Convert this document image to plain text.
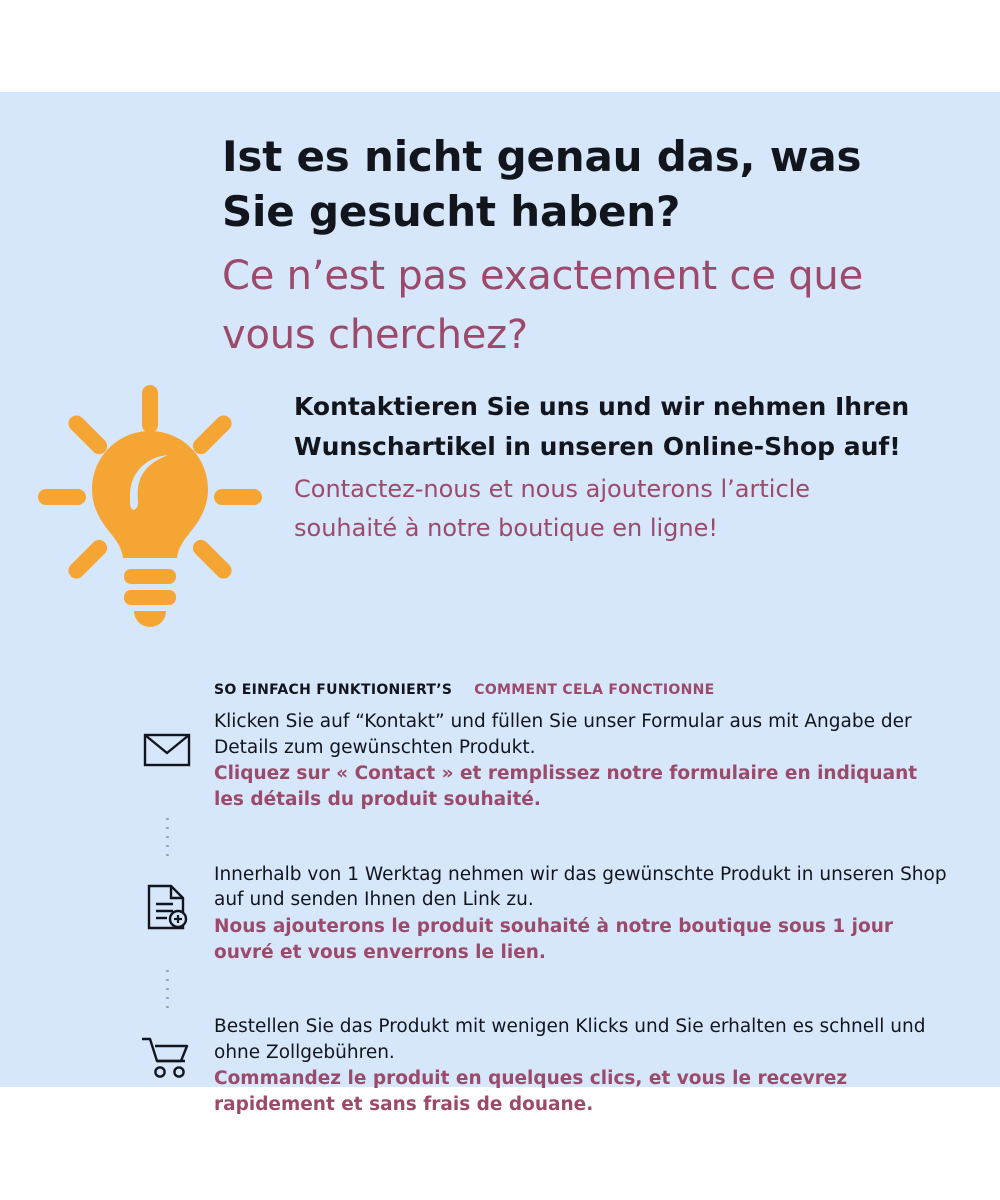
Ist es nicht genau das, was Sie gesucht haben?
Ce n’est pas exactement ce que vous cherchez?
Kontaktieren Sie uns und wir nehmen Ihren Wunschartikel in unseren Online-Shop auf!
Contactez-nous et nous ajouterons l’article souhaité à notre boutique en ligne!
SO EINFACH FUNKTIONIERT’S COMMENT CELA FONCTIONNE
Klicken Sie auf “Kontakt” und füllen Sie unser Formular aus mit Angabe der Details zum gewünschten Produkt.
Cliquez sur « Contact » et remplissez notre formulaire en indiquant les détails du produit souhaité.
Innerhalb von 1 Werktag nehmen wir das gewünschte Produkt in unseren Shop auf und senden Ihnen den Link zu.
Nous ajouterons le produit souhaité à notre boutique sous 1 jour ouvré et vous enverrons le lien.
Bestellen Sie das Produkt mit wenigen Klicks und Sie erhalten es schnell und ohne Zollgebühren.
Commandez le produit en quelques clics, et vous le recevrez rapidement et sans frais de douane.
